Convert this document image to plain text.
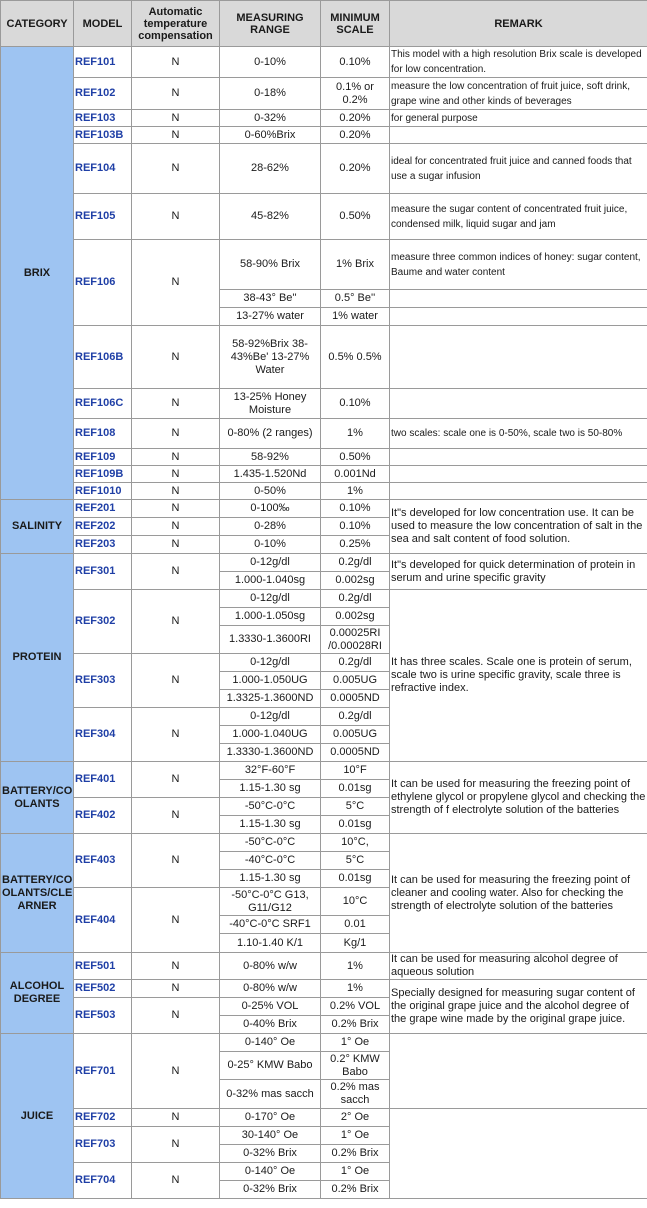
CATEGORY	MODEL	Automatic temperature compensation	MEASURING RANGE	MINIMUM SCALE	REMARK
BRIX	REF101	N	0-10%	0.10%	This model with a high resolution Brix scale is developed for low concentration.
	REF102	N	0-18%	0.1% or 0.2%	measure the low concentration of fruit juice, soft drink, grape wine and other kinds of beverages
	REF103	N	0-32%	0.20%	for general purpose
	REF103B	N	0-60%Brix	0.20%	
	REF104	N	28-62%	0.20%	ideal for concentrated fruit juice and canned foods that use a sugar infusion
	REF105	N	45-82%	0.50%	measure the sugar content of concentrated fruit juice, condensed milk, liquid sugar and jam
	REF106	N	58-90% Brix	1% Brix	measure three common indices of honey: sugar content, Baume and water content
			38-43° Be''	0.5° Be''	
			13-27% water	1% water	
	REF106B	N	58-92%Brix 38-43%Be' 13-27% Water	0.5% 0.5%	
	REF106C	N	13-25% Honey Moisture	0.10%	
	REF108	N	0-80% (2 ranges)	1%	two scales: scale one is 0-50%, scale two is 50-80%
	REF109	N	58-92%	0.50%	
	REF109B	N	1.435-1.520Nd	0.001Nd	
	REF1010	N	0-50%	1%	
SALINITY	REF201	N	0-100‰	0.10%	It"s developed for low concentration use. It can be used to measure the low concentration of salt in the sea and salt content of food solution.
	REF202	N	0-28%	0.10%	
	REF203	N	0-10%	0.25%	
PROTEIN	REF301	N	0-12g/dl	0.2g/dl	It"s developed for quick determination of protein in serum and urine specific gravity
			1.000-1.040sg	0.002sg	
	REF302	N	0-12g/dl	0.2g/dl	It has three scales. Scale one is protein of serum, scale two is urine specific gravity, scale three is refractive index.
			1.000-1.050sg	0.002sg	
			1.3330-1.3600RI	0.00025RI /0.00028RI	
	REF303	N	0-12g/dl	0.2g/dl	
			1.000-1.050UG	0.005UG	
			1.3325-1.3600ND	0.0005ND	
	REF304	N	0-12g/dl	0.2g/dl	
			1.000-1.040UG	0.005UG	
			1.3330-1.3600ND	0.0005ND	
BATTERY/CO OLANTS	REF401	N	32°F-60°F	10°F	It can be used for measuring the freezing point of ethylene glycol or propylene glycol and checking the strength of f electrolyte solution of the batteries
			1.15-1.30 sg	0.01sg	
	REF402	N	-50°C-0°C	5°C	
			1.15-1.30 sg	0.01sg	
BATTERY/CO OLANTS/CLE ARNER	REF403	N	-50°C-0°C	10°C,	It can be used for measuring the freezing point of cleaner and cooling water. Also for checking the strength of electrolyte solution of the batteries
			-40°C-0°C	5°C	
			1.15-1.30 sg	0.01sg	
	REF404	N	-50°C-0°C G13, G11/G12	10°C	
			-40°C-0°C SRF1	0.01	
			1.10-1.40 K/1	Kg/1	
ALCOHOL DEGREE	REF501	N	0-80% w/w	1%	It can be used for measuring alcohol degree of aqueous solution
	REF502	N	0-80% w/w	1%	Specially designed for measuring sugar content of the original grape juice and the alcohol degree of the grape wine made by the original grape juice.
	REF503	N	0-25% VOL	0.2% VOL	
			0-40% Brix	0.2% Brix	
JUICE	REF701	N	0-140° Oe	1° Oe	
			0-25° KMW Babo	0.2° KMW Babo	
			0-32% mas sacch	0.2% mas sacch	
	REF702	N	0-170° Oe	2° Oe	
	REF703	N	30-140° Oe	1° Oe	
			0-32% Brix	0.2% Brix	
	REF704	N	0-140° Oe	1° Oe	
			0-32% Brix	0.2% Brix	
